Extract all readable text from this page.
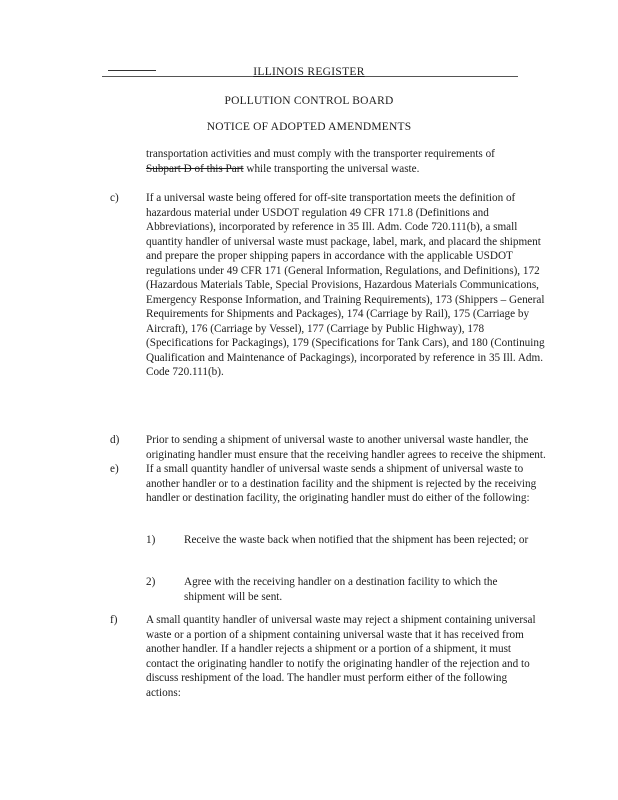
ILLINOIS REGISTER
POLLUTION CONTROL BOARD
NOTICE OF ADOPTED AMENDMENTS
transportation activities and must comply with the transporter requirements of
Subpart D of this Part while transporting the universal waste.
c) If a universal waste being offered for off-site transportation meets the definition of hazardous material under USDOT regulation 49 CFR 171.8 (Definitions and Abbreviations), incorporated by reference in 35 Ill. Adm. Code 720.111(b), a small quantity handler of universal waste must package, label, mark, and placard the shipment and prepare the proper shipping papers in accordance with the applicable USDOT regulations under 49 CFR 171 (General Information, Regulations, and Definitions), 172 (Hazardous Materials Table, Special Provisions, Hazardous Materials Communications, Emergency Response Information, and Training Requirements), 173 (Shippers – General Requirements for Shipments and Packages), 174 (Carriage by Rail), 175 (Carriage by Aircraft), 176 (Carriage by Vessel), 177 (Carriage by Public Highway), 178 (Specifications for Packagings), 179 (Specifications for Tank Cars), and 180 (Continuing Qualification and Maintenance of Packagings), incorporated by reference in 35 Ill. Adm. Code 720.111(b).
d) Prior to sending a shipment of universal waste to another universal waste handler, the originating handler must ensure that the receiving handler agrees to receive the shipment.
e) If a small quantity handler of universal waste sends a shipment of universal waste to another handler or to a destination facility and the shipment is rejected by the receiving handler or destination facility, the originating handler must do either of the following:
1)	Receive the waste back when notified that the shipment has been rejected; or
2)	Agree with the receiving handler on a destination facility to which the shipment will be sent.
f)	A small quantity handler of universal waste may reject a shipment containing universal waste or a portion of a shipment containing universal waste that it has received from another handler. If a handler rejects a shipment or a portion of a shipment, it must contact the originating handler to notify the originating handler of the rejection and to discuss reshipment of the load. The handler must perform either of the following actions:
